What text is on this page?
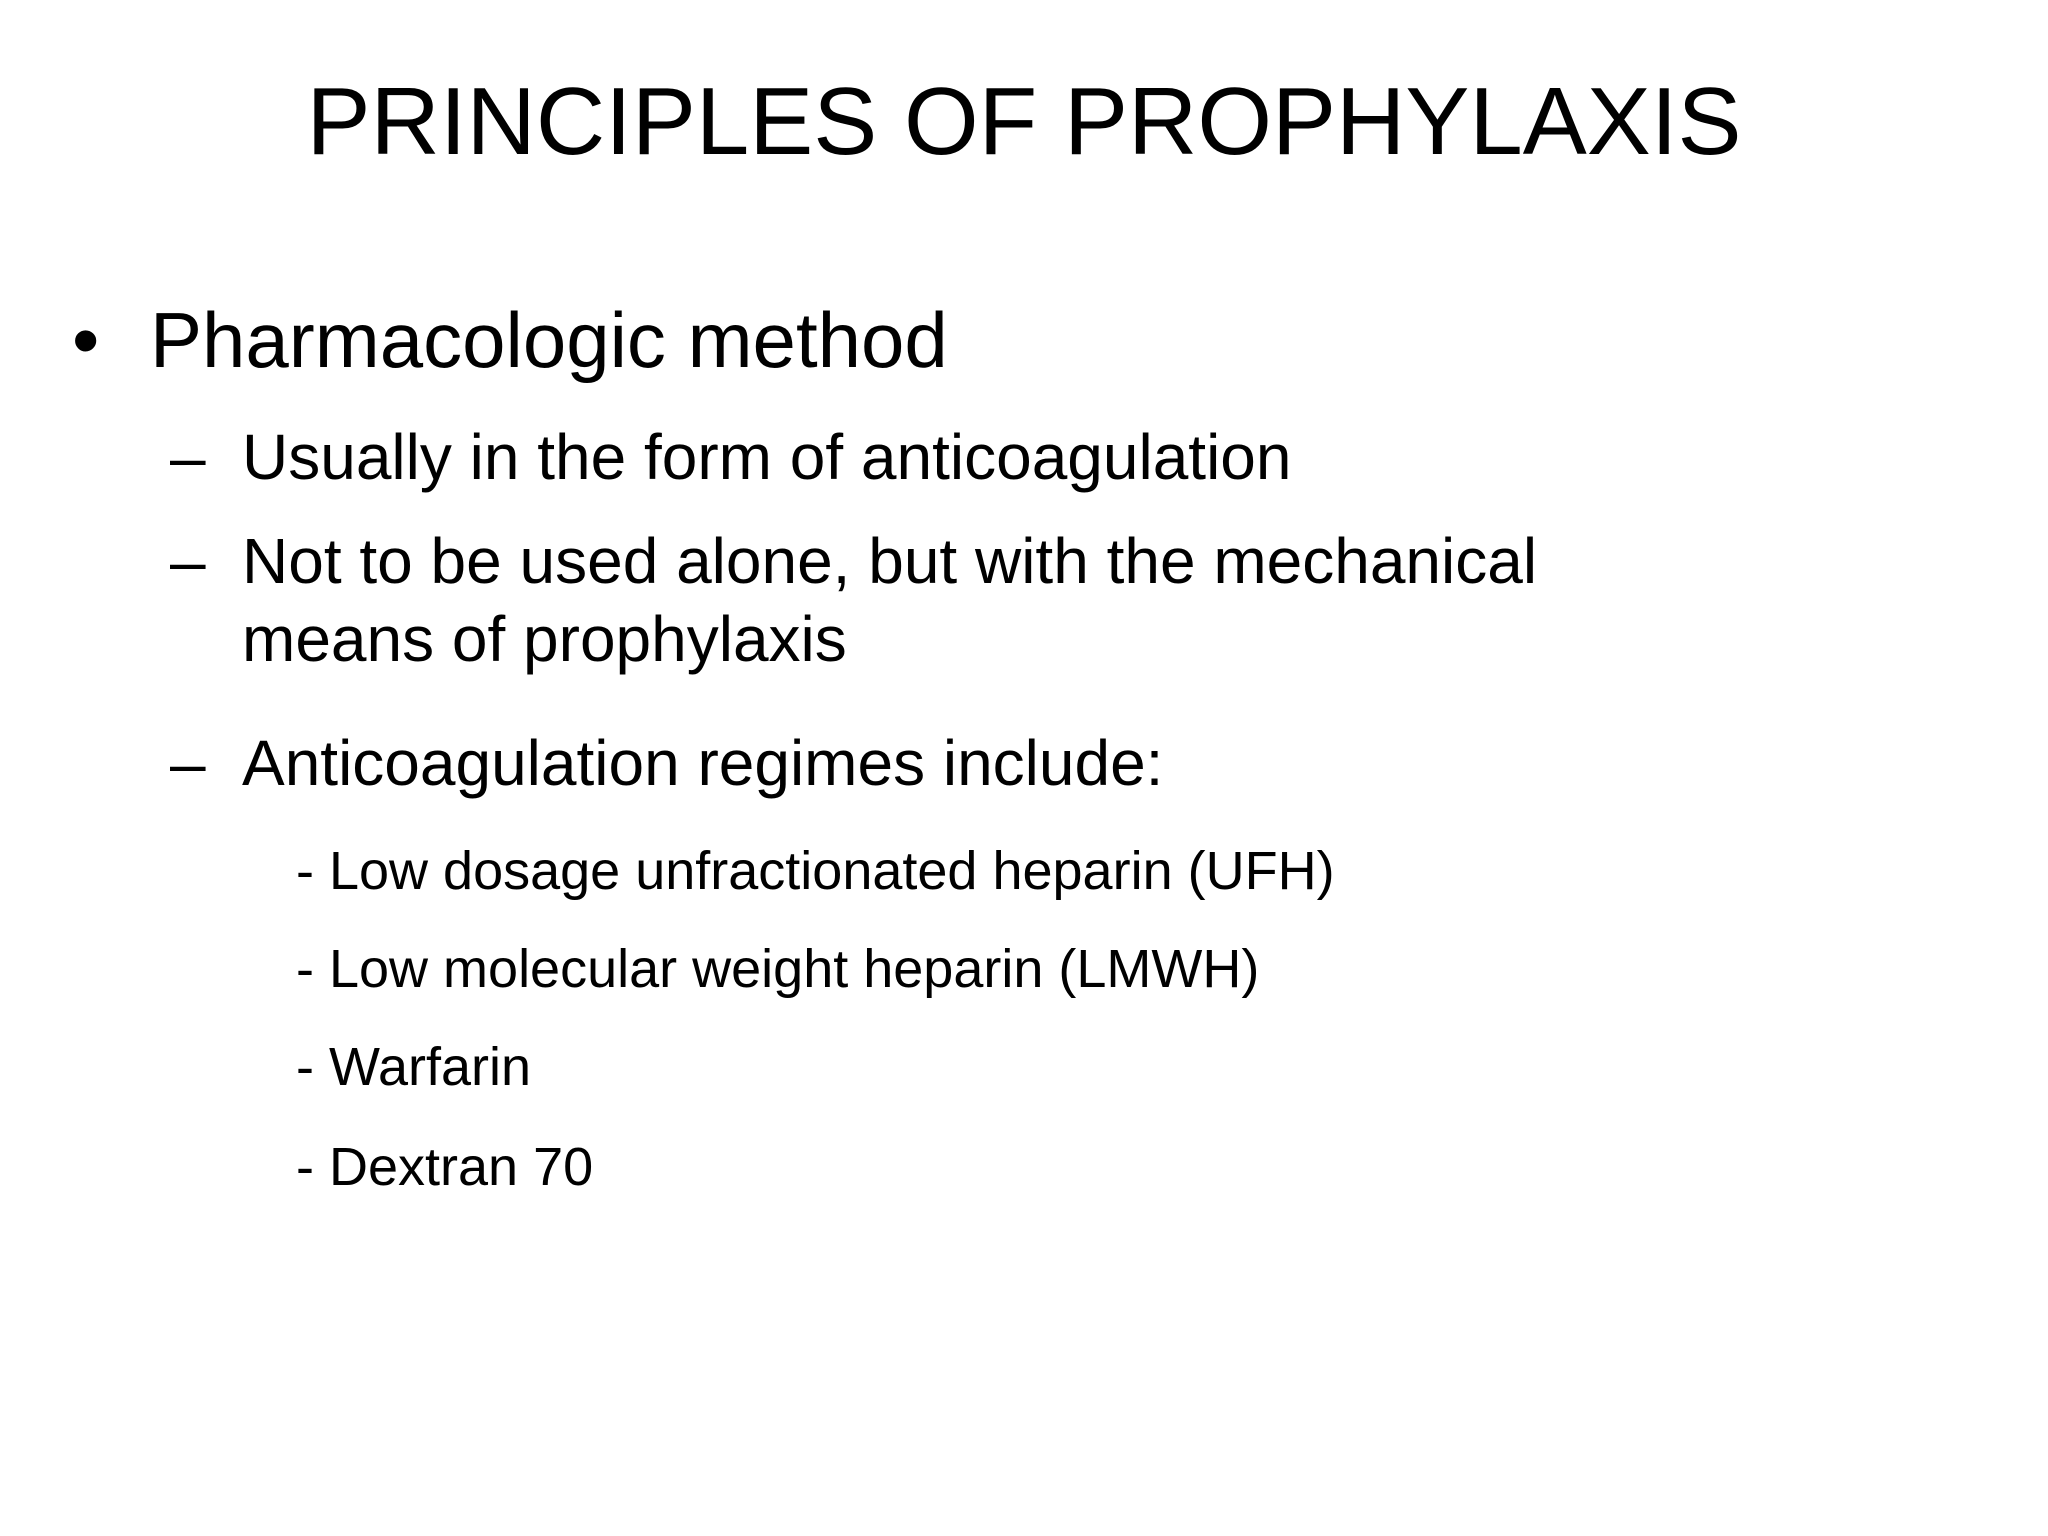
PRINCIPLES OF PROPHYLAXIS
• Pharmacologic method
– Usually in the form of anticoagulation
– Not to be used alone, but with the mechanical
means of prophylaxis
– Anticoagulation regimes include:
- Low dosage unfractionated heparin (UFH)
- Low molecular weight heparin (LMWH)
- Warfarin
- Dextran 70
